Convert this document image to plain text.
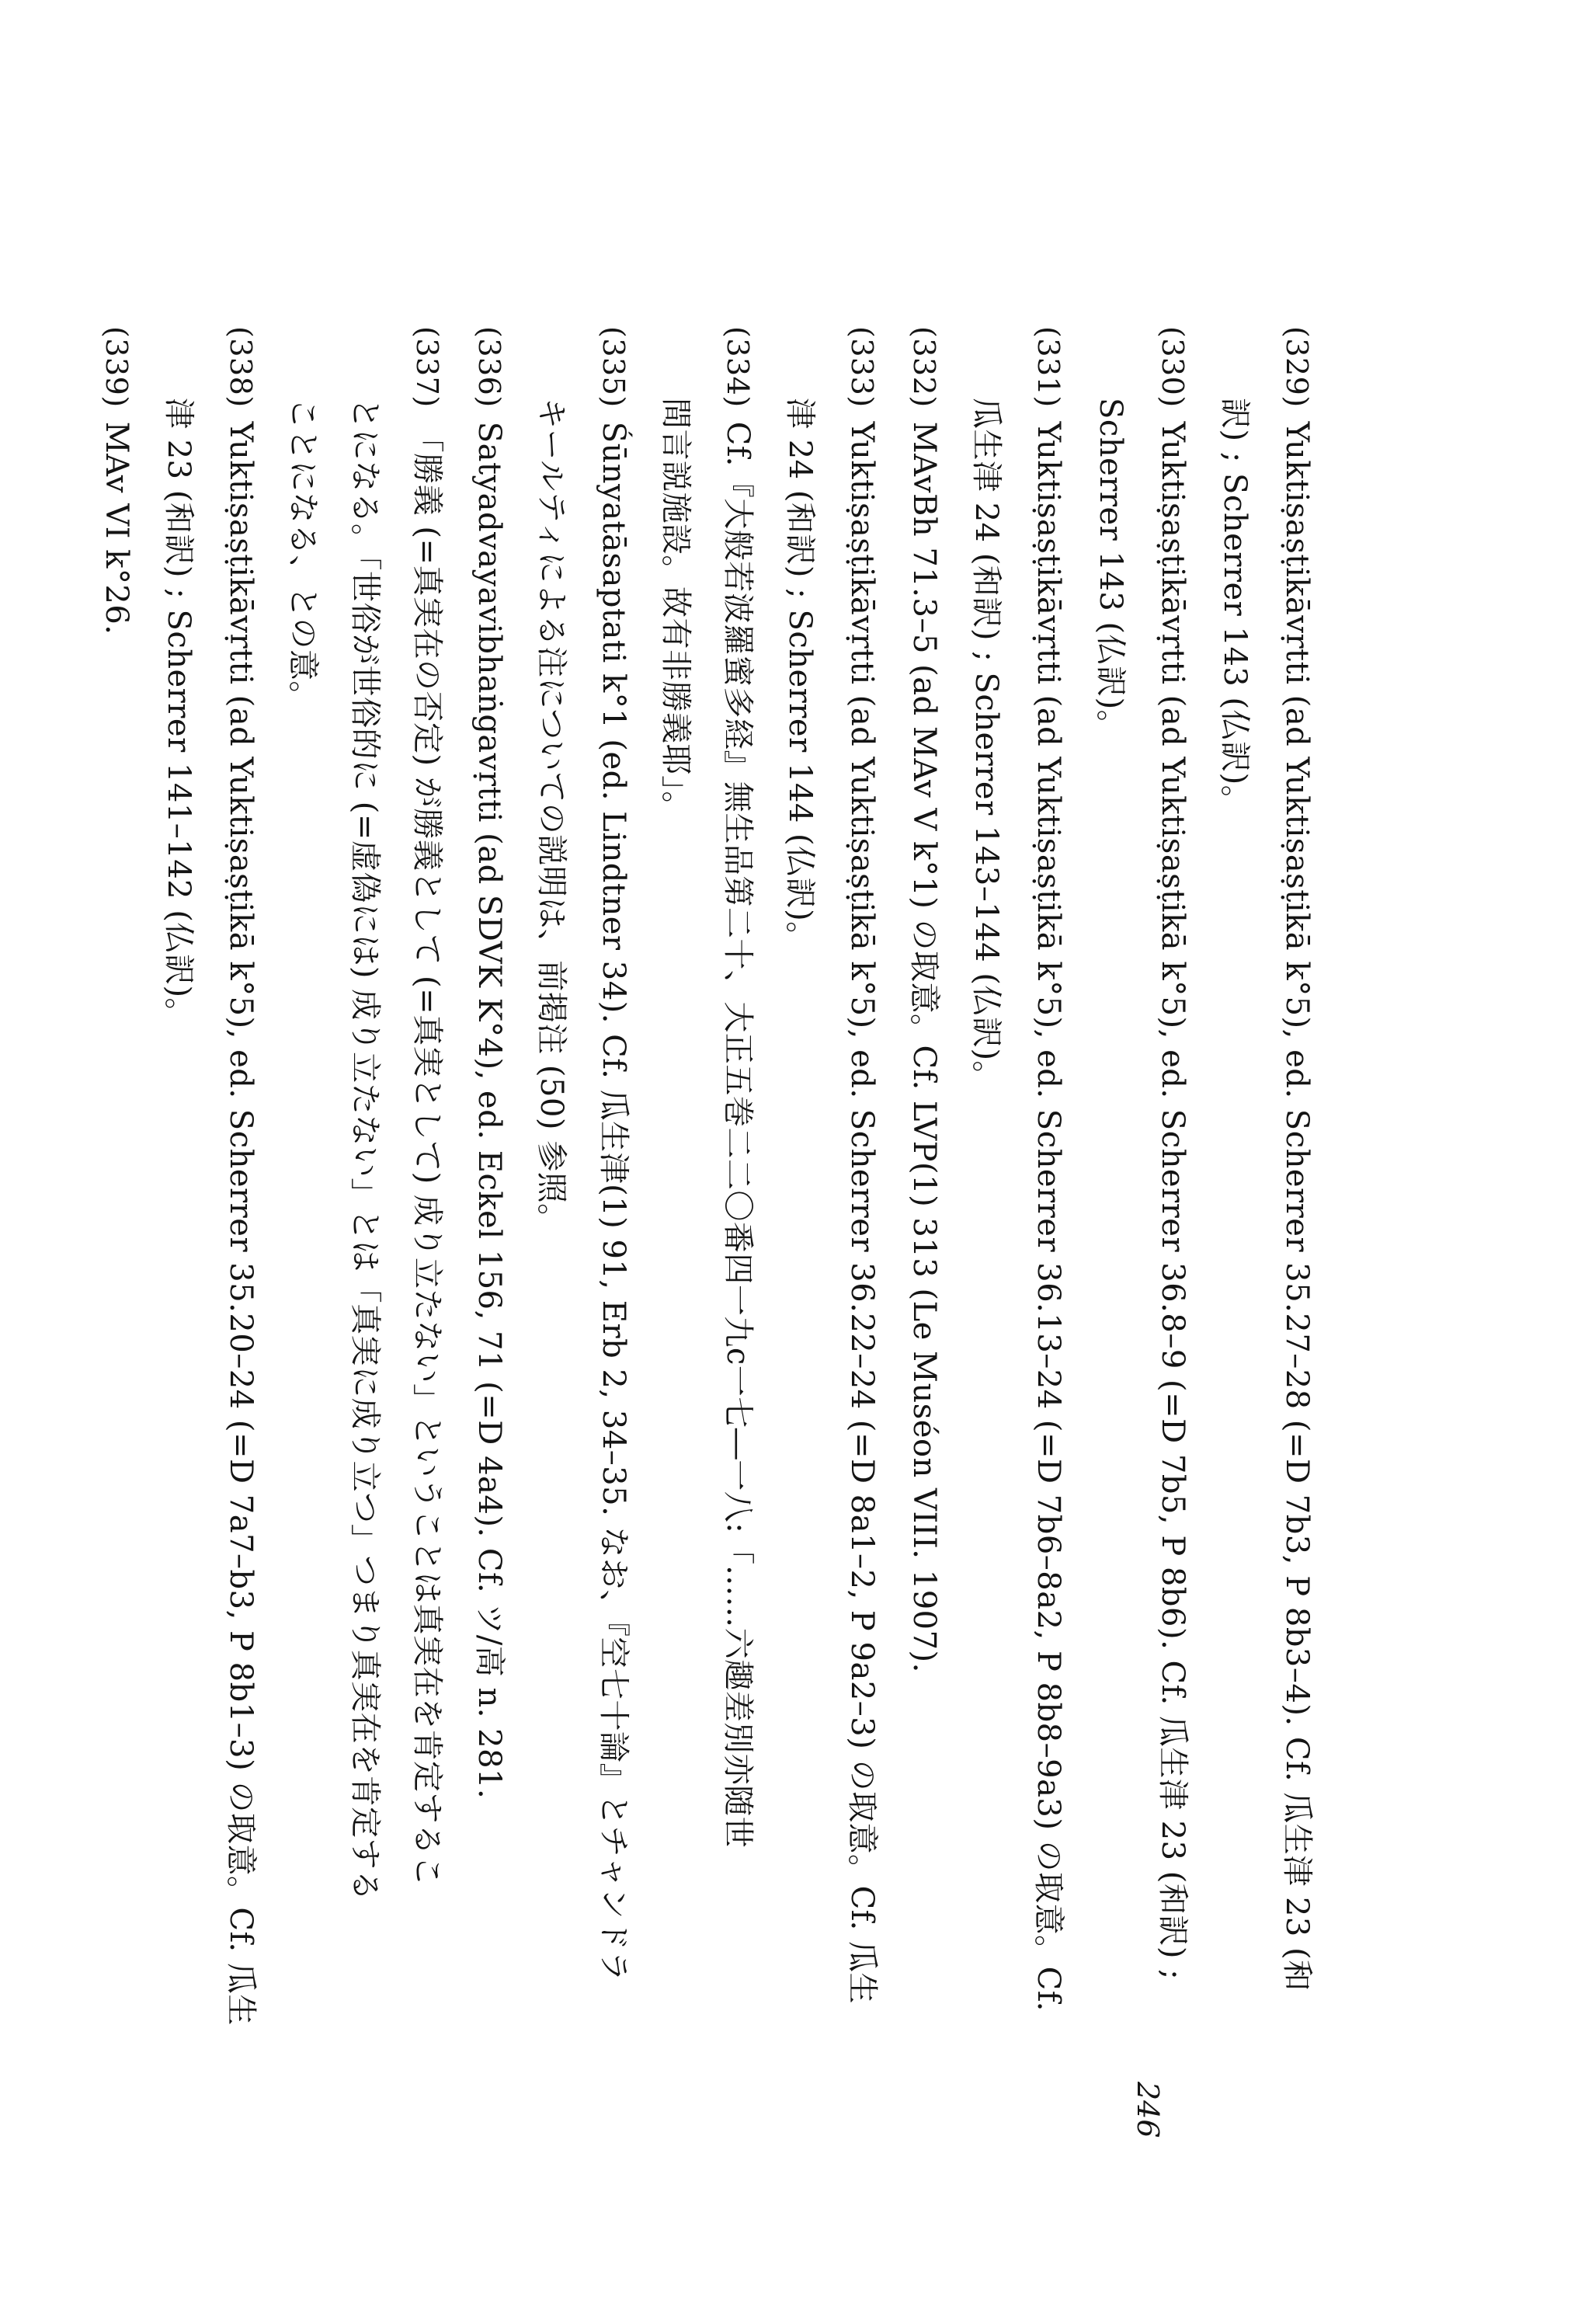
(329)Yuktiṣaṣṭikāvṛtti (ad Yuktiṣaṣṭikā k°5), ed. Scherrer 35.27–28 (=D 7b3, P 8b3–4). Cf. 瓜生津 23 (和
訳) ; Scherrer 143 (仏訳)。
(330)Yuktiṣaṣṭikāvṛtti (ad Yuktiṣaṣṭikā k°5), ed. Scherrer 36.8–9 (=D 7b5, P 8b6). Cf. 瓜生津 23 (和訳) ;
Scherrer 143 (仏訳)。
(331)Yuktiṣaṣṭikāvṛtti (ad Yuktiṣaṣṭikā k°5), ed. Scherrer 36.13–24 (=D 7b6–8a2, P 8b8–9a3) の取意。Cf.
瓜生津 24 (和訳) ; Scherrer 143–144 (仏訳)。
(332)MAvBh 71.3–5 (ad MAv V k°1) の取意。Cf. LVP(1) 313 (Le Muséon VIII. 1907).
(333)Yuktiṣaṣṭikāvṛtti (ad Yuktiṣaṣṭikā k°5), ed. Scherrer 36.22–24 (=D 8a1–2, P 9a2–3) の取意。Cf. 瓜生
津 24 (和訳) ; Scherrer 144 (仏訳)。
(334)Cf.『大般若波羅蜜多経』無生品第二十、大正五巻二二〇番四一九c一七―一八:「……六趣差別亦随世
間言説施設。故有非勝義耶」。
(335)Śūnyatāsaptati k°1 (ed. Lindtner 34). Cf. 瓜生津(1) 91, Erb 2, 34–35. なお、『空七十論』とチャンドラ
キールティによる注についての説明は、前掲注 (50) 参照。
(336)Satyadvayavibhaṅgavṛtti (ad SDVK K°4), ed. Eckel 156, 71 (=D 4a4). Cf. ツ/高 n. 281.
(337)「勝義 (=真実在の否定) が勝義として (=真実として) 成り立たない」ということは真実在を肯定するこ
とになる。「世俗が世俗的に (=虚偽には) 成り立たない」とは「真実に成り立つ」つまり真実在を肯定する
ことになる、との意。
(338)Yuktiṣaṣṭikāvṛtti (ad Yuktiṣaṣṭikā k°5), ed. Scherrer 35.20–24 (=D 7a7–b3, P 8b1–3) の取意。Cf. 瓜生
津 23 (和訳) ; Scherrer 141–142 (仏訳)。
(339)MAv VI k°26.
246
